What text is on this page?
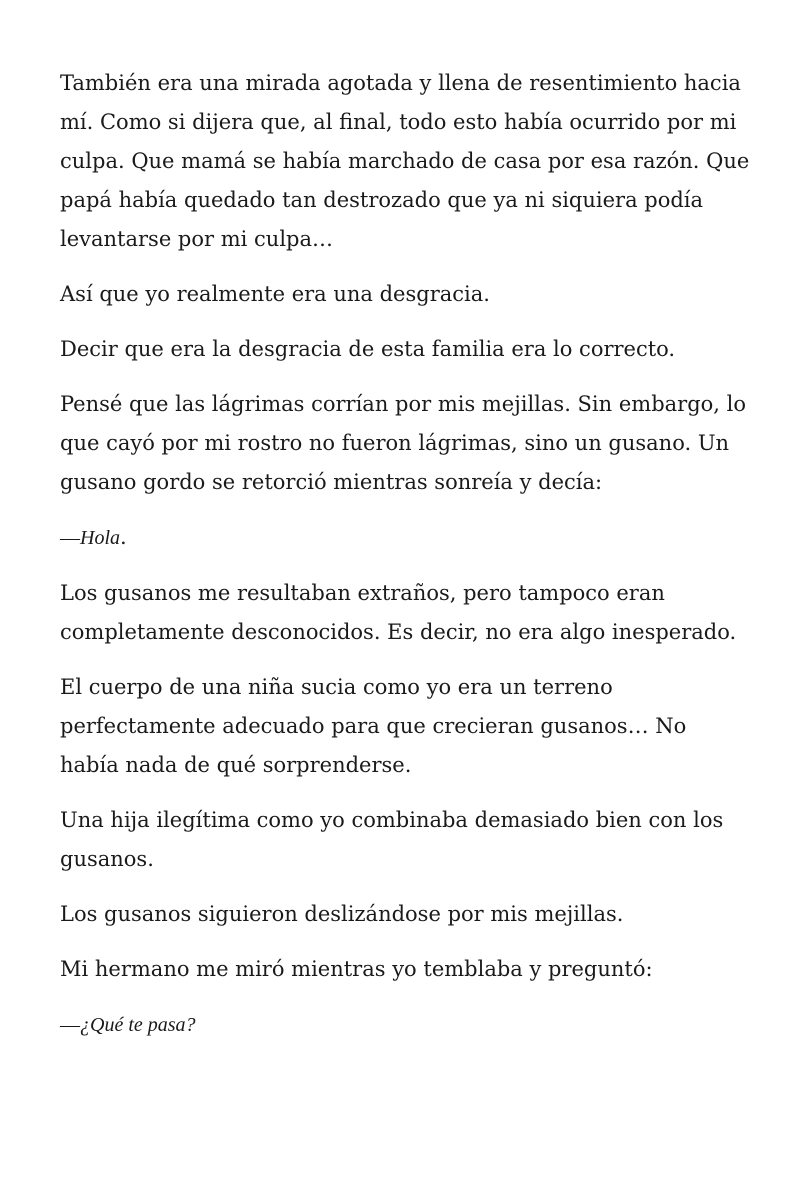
También era una mirada agotada y llena de resentimiento hacia mí. Como si dijera que, al final, todo esto había ocurrido por mi culpa. Que mamá se había marchado de casa por esa razón. Que papá había quedado tan destrozado que ya ni siquiera podía levantarse por mi culpa…

Así que yo realmente era una desgracia.

Decir que era la desgracia de esta familia era lo correcto.

Pensé que las lágrimas corrían por mis mejillas. Sin embargo, lo que cayó por mi rostro no fueron lágrimas, sino un gusano. Un gusano gordo se retorció mientras sonreía y decía:

—Hola.

Los gusanos me resultaban extraños, pero tampoco eran completamente desconocidos. Es decir, no era algo inesperado.

El cuerpo de una niña sucia como yo era un terreno perfectamente adecuado para que crecieran gusanos… No había nada de qué sorprenderse.

Una hija ilegítima como yo combinaba demasiado bien con los gusanos.

Los gusanos siguieron deslizándose por mis mejillas.

Mi hermano me miró mientras yo temblaba y preguntó:

—¿Qué te pasa?
